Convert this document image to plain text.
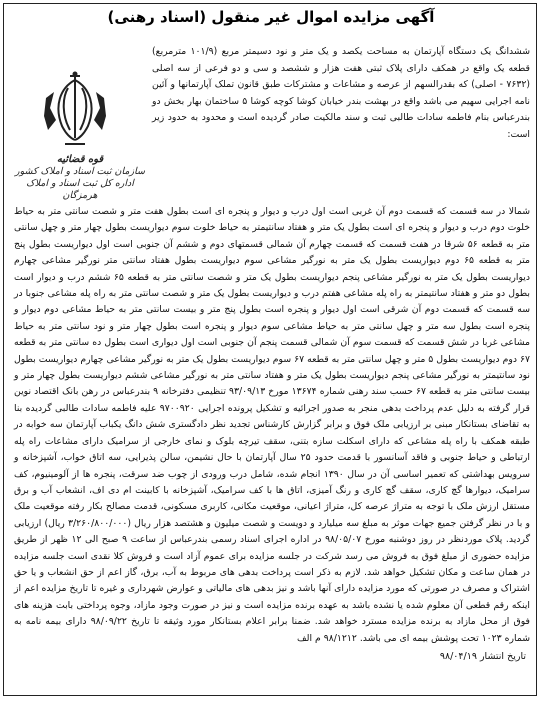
آگهی مزایده اموال غیر منقول (اسناد رهنی)
قوه قضائیه
سازمان ثبت اسناد و املاک کشور
اداره کل ثبت اسناد و املاک هرمزگان
ششدانگ یک دستگاه آپارتمان به مساحت یکصد و یک متر و نود دسیمتر مربع (۱۰۱/۹ مترمربع) قطعه یک واقع در همکف دارای پلاک ثبتی هفت هزار و ششصد و سی و دو فرعی از سه اصلی (۷۶۳۲ - اصلی) که بقدرالسهم از عرصه و مشاعات و مشترکات طبق قانون تملک آپارتمانها و آئین نامه اجرایی سهیم می باشد واقع در بهشت بندر خیابان کوشا کوچه کوشا ۵ ساختمان بهار بخش دو بندرعباس بنام فاطمه سادات طالبی ثبت و سند مالکیت صادر گردیده است و محدود به حدود زیر است:
شمالا در سه قسمت که قسمت دوم آن غربی است اول درب و دیوار و پنجره ای است بطول هفت متر و شصت سانتی متر به حیاط خلوت دوم درب و دیوار و پنجره ای است بطول یک متر و هفتاد سانتیمتر به حیاط خلوت سوم دیواریست بطول چهار متر و چهل سانتی متر به قطعه ۵۶ شرقا در هفت قسمت که قسمت چهارم آن شمالی قسمتهای دوم و ششم آن جنوبی است اول دیواریست بطول پنج متر به قطعه ۶۵ دوم دیواریست بطول یک متر به نورگیر مشاعی سوم دیواریست بطول هفتاد سانتی متر نورگیر مشاعی چهارم دیواریست بطول یک متر به نورگیر مشاعی پنجم دیواریست بطول یک متر و شصت سانتی متر به قطعه ۶۵ ششم درب و دیوار است بطول دو متر و هفتاد سانتیمتر به راه پله مشاعی هفتم درب و دیواریست بطول یک متر و شصت سانتی متر به راه پله مشاعی جنوبا در سه قسمت که قسمت دوم آن شرقی است اول دیوار و پنجره است بطول پنج متر و بیست سانتی متر به حیاط مشاعی دوم دیوار و پنجره است بطول سه متر و چهل سانتی متر به حیاط مشاعی سوم دیوار و پنجره است بطول چهار متر و نود سانتی متر به حیاط مشاعی غربا در شش قسمت که قسمت سوم آن شمالی قسمت پنجم آن جنوبی است اول دیواری است بطول ده سانتی متر به قطعه ۶۷ دوم دیواریست بطول ۵ متر و چهل سانتی متر به قطعه ۶۷ سوم دیواریست بطول یک متر به نورگیر مشاعی چهارم دیواریست بطول نود سانتیمتر به نورگیر مشاعی پنجم دیواریست بطول یک متر و هفتاد سانتی متر به نورگیر مشاعی ششم دیواریست بطول چهار متر و بیست سانتی متر به قطعه ۶۷ حسب سند رهنی شماره ۱۳۶۷۴ مورخ ۹۳/۰۹/۱۳ تنظیمی دفترخانه ۹ بندرعباس در رهن بانک اقتصاد نوین قرار گرفته به دلیل عدم پرداخت بدهی منجر به صدور اجرائیه و تشکیل پرونده اجرایی ۹۷۰۰۹۲۰ علیه فاطمه سادات طالبی گردیده بنا به تقاضای بستانکار مبنی بر ارزیابی ملک فوق و برابر گزارش کارشناس تجدید نظر دادگستری شش دانگ یکباب آپارتمان سه خوابه در طبقه همکف با راه پله مشاعی که دارای اسکلت سازه بتنی، سقف تیرچه بلوک و نمای خارجی از سرامیک دارای مشاعات راه پله ارتباطی و حیاط جنوبی و فاقد آسانسور با قدمت حدود ۲۵ سال آپارتمان با حال نشیمن، سالن پذیرایی، سه اتاق خواب، آشپزخانه و سرویس بهداشتی که تعمیر اساسی آن در سال ۱۳۹۰ انجام شده، شامل درب ورودی از چوب ضد سرقت، پنجره ها از آلومینیوم، کف سرامیک، دیوارها گچ کاری، سقف گچ کاری و رنگ آمیزی، اتاق ها با کف سرامیک، آشپزخانه با کابینت ام دی اف، انشعاب آب و برق مستقل ارزش ملک با توجه به متراژ عرصه کل، متراژ اعیانی، موقعیت مکانی، کاربری مسکونی، قدمت مصالح بکار رفته موقعیت ملک و با در نظر گرفتن جمیع جهات موثر به مبلغ سه میلیارد و دویست و شصت میلیون و هشتصد هزار ریال (۳/۲۶۰/۸۰۰/۰۰۰ ریال) ارزیابی گردید. پلاک موردنظر در روز دوشنبه مورخ ۹۸/۰۵/۰۷ در اداره اجرای اسناد رسمی بندرعباس از ساعت ۹ صبح الی ۱۲ ظهر از طریق مزایده حضوری از مبلغ فوق به فروش می رسد شرکت در جلسه مزایده برای عموم آزاد است و فروش کلا نقدی است جلسه مزایده در همان ساعت و مکان تشکیل خواهد شد. لازم به ذکر است پرداخت بدهی های مربوط به آب، برق، گاز اعم از حق انشعاب و یا حق اشتراک و مصرف در صورتی که مورد مزایده دارای آنها باشد و نیز بدهی های مالیاتی و عوارض شهرداری و غیره تا تاریخ مزایده اعم از اینکه رقم قطعی آن معلوم شده یا نشده باشد به عهده برنده مزایده است و نیز در صورت وجود مازاد، وجوه پرداختی بابت هزینه های فوق از محل مازاد به برنده مزایده مسترد خواهد شد. ضمنا برابر اعلام بستانکار مورد وثیقه تا تاریخ ۹۸/۰۹/۲۲ دارای بیمه نامه به شماره ۱۰۲۳ تحت پوشش بیمه ای می باشد. ۹۸/۱۲۱۲ م الف
تاریخ انتشار ۹۸/۰۴/۱۹
